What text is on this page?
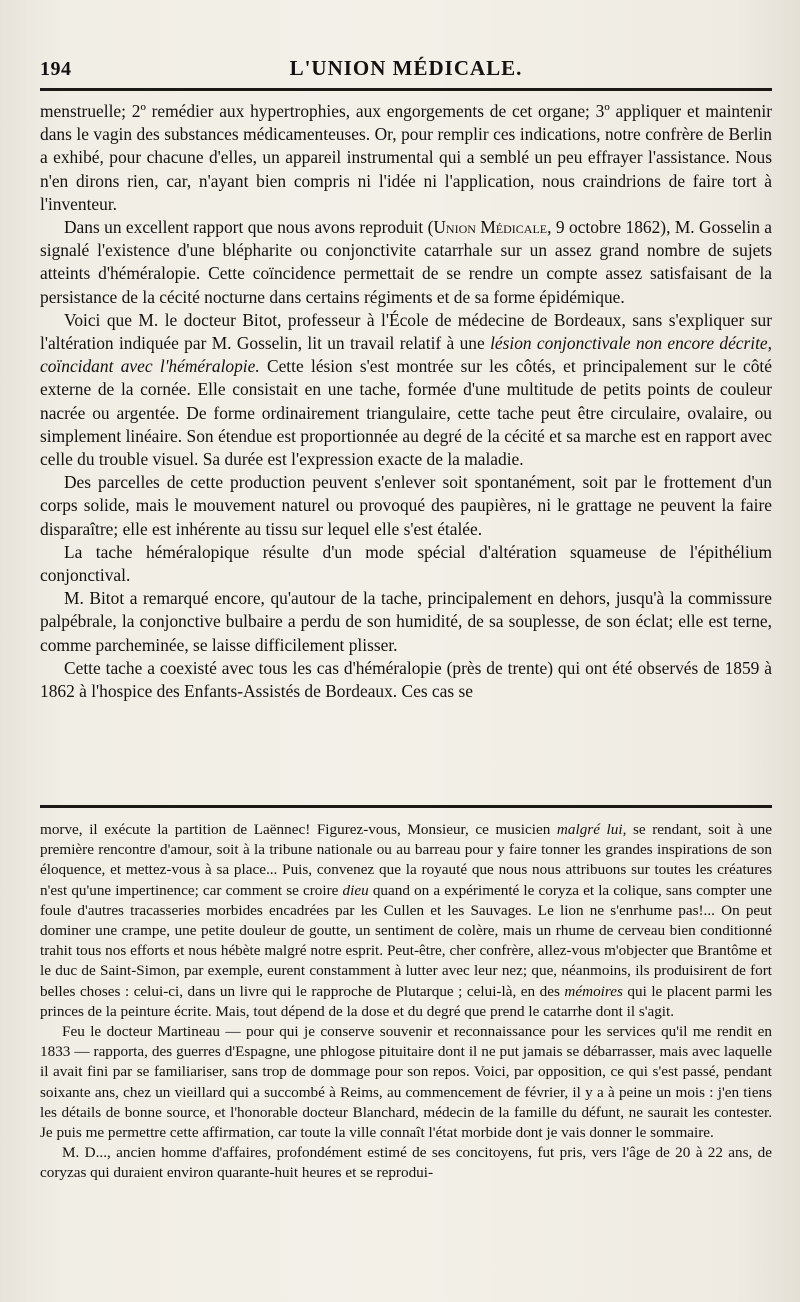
194	L'UNION MÉDICALE.

menstruelle; 2º remédier aux hypertrophies, aux engorgements de cet organe; 3º appliquer et maintenir dans le vagin des substances médicamenteuses. Or, pour remplir ces indications, notre confrère de Berlin a exhibé, pour chacune d'elles, un appareil instrumental qui a semblé un peu effrayer l'assistance. Nous n'en dirons rien, car, n'ayant bien compris ni l'idée ni l'application, nous craindrions de faire tort à l'inventeur.

Dans un excellent rapport que nous avons reproduit (Union Médicale, 9 octobre 1862), M. Gosselin a signalé l'existence d'une blépharite ou conjonctivite catarrhale sur un assez grand nombre de sujets atteints d'héméralopie. Cette coïncidence permettait de se rendre un compte assez satisfaisant de la persistance de la cécité nocturne dans certains régiments et de sa forme épidémique.

Voici que M. le docteur Bitot, professeur à l'École de médecine de Bordeaux, sans s'expliquer sur l'altération indiquée par M. Gosselin, lit un travail relatif à une lésion conjonctivale non encore décrite, coïncidant avec l'héméralopie. Cette lésion s'est montrée sur les côtés, et principalement sur le côté externe de la cornée. Elle consistait en une tache, formée d'une multitude de petits points de couleur nacrée ou argentée. De forme ordinairement triangulaire, cette tache peut être circulaire, ovalaire, ou simplement linéaire. Son étendue est proportionnée au degré de la cécité et sa marche est en rapport avec celle du trouble visuel. Sa durée est l'expression exacte de la maladie.

Des parcelles de cette production peuvent s'enlever soit spontanément, soit par le frottement d'un corps solide, mais le mouvement naturel ou provoqué des paupières, ni le grattage ne peuvent la faire disparaître; elle est inhérente au tissu sur lequel elle s'est étalée.

La tache héméralopique résulte d'un mode spécial d'altération squameuse de l'épithélium conjonctival.

M. Bitot a remarqué encore, qu'autour de la tache, principalement en dehors, jusqu'à la commissure palpébrale, la conjonctive bulbaire a perdu de son humidité, de sa souplesse, de son éclat; elle est terne, comme parcheminée, se laisse difficilement plisser.

Cette tache a coexisté avec tous les cas d'héméralopie (près de trente) qui ont été observés de 1859 à 1862 à l'hospice des Enfants-Assistés de Bordeaux. Ces cas se

morve, il exécute la partition de Laënnec! Figurez-vous, Monsieur, ce musicien malgré lui, se rendant, soit à une première rencontre d'amour, soit à la tribune nationale ou au barreau pour y faire tonner les grandes inspirations de son éloquence, et mettez-vous à sa place... Puis, convenez que la royauté que nous nous attribuons sur toutes les créatures n'est qu'une impertinence; car comment se croire dieu quand on a expérimenté le coryza et la colique, sans compter une foule d'autres tracasseries morbides encadrées par les Cullen et les Sauvages. Le lion ne s'enrhume pas!... On peut dominer une crampe, une petite douleur de goutte, un sentiment de colère, mais un rhume de cerveau bien conditionné trahit tous nos efforts et nous hébète malgré notre esprit. Peut-être, cher confrère, allez-vous m'objecter que Brantôme et le duc de Saint-Simon, par exemple, eurent constamment à lutter avec leur nez; que, néanmoins, ils produisirent de fort belles choses : celui-ci, dans un livre qui le rapproche de Plutarque ; celui-là, en des mémoires qui le placent parmi les princes de la peinture écrite. Mais, tout dépend de la dose et du degré que prend le catarrhe dont il s'agit.

Feu le docteur Martineau — pour qui je conserve souvenir et reconnaissance pour les services qu'il me rendit en 1833 — rapporta, des guerres d'Espagne, une phlogose pituitaire dont il ne put jamais se débarrasser, mais avec laquelle il avait fini par se familiariser, sans trop de dommage pour son repos. Voici, par opposition, ce qui s'est passé, pendant soixante ans, chez un vieillard qui a succombé à Reims, au commencement de février, il y a à peine un mois : j'en tiens les détails de bonne source, et l'honorable docteur Blanchard, médecin de la famille du défunt, ne saurait les contester. Je puis me permettre cette affirmation, car toute la ville connaît l'état morbide dont je vais donner le sommaire.

M. D..., ancien homme d'affaires, profondément estimé de ses concitoyens, fut pris, vers l'âge de 20 à 22 ans, de coryzas qui duraient environ quarante-huit heures et se reprodui-
